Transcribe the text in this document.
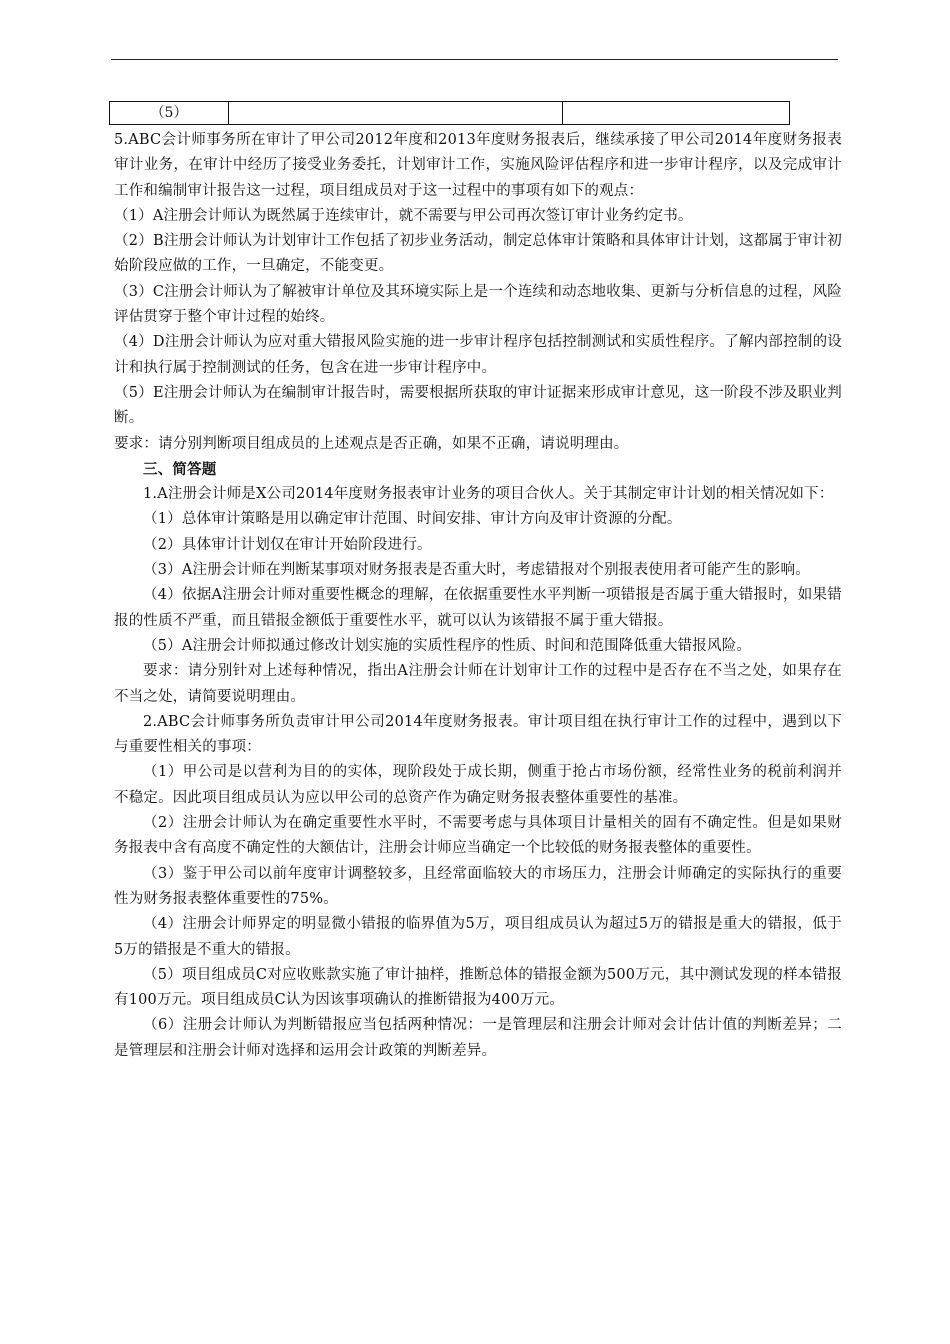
（5）		

5.ABC会计师事务所在审计了甲公司2012年度和2013年度财务报表后，继续承接了甲公司2014年度财务报表审计业务，在审计中经历了接受业务委托，计划审计工作，实施风险评估程序和进一步审计程序，以及完成审计工作和编制审计报告这一过程，项目组成员对于这一过程中的事项有如下的观点：

（1）A注册会计师认为既然属于连续审计，就不需要与甲公司再次签订审计业务约定书。

（2）B注册会计师认为计划审计工作包括了初步业务活动，制定总体审计策略和具体审计计划，这都属于审计初始阶段应做的工作，一旦确定，不能变更。

（3）C注册会计师认为了解被审计单位及其环境实际上是一个连续和动态地收集、更新与分析信息的过程，风险评估贯穿于整个审计过程的始终。

（4）D注册会计师认为应对重大错报风险实施的进一步审计程序包括控制测试和实质性程序。了解内部控制的设计和执行属于控制测试的任务，包含在进一步审计程序中。

（5）E注册会计师认为在编制审计报告时，需要根据所获取的审计证据来形成审计意见，这一阶段不涉及职业判断。

要求：请分别判断项目组成员的上述观点是否正确，如果不正确，请说明理由。

三、简答题

1.A注册会计师是X公司2014年度财务报表审计业务的项目合伙人。关于其制定审计计划的相关情况如下：

（1）总体审计策略是用以确定审计范围、时间安排、审计方向及审计资源的分配。

（2）具体审计计划仅在审计开始阶段进行。

（3）A注册会计师在判断某事项对财务报表是否重大时，考虑错报对个别报表使用者可能产生的影响。

（4）依据A注册会计师对重要性概念的理解，在依据重要性水平判断一项错报是否属于重大错报时，如果错报的性质不严重，而且错报金额低于重要性水平，就可以认为该错报不属于重大错报。

（5）A注册会计师拟通过修改计划实施的实质性程序的性质、时间和范围降低重大错报风险。

要求：请分别针对上述每种情况，指出A注册会计师在计划审计工作的过程中是否存在不当之处，如果存在不当之处，请简要说明理由。

2.ABC会计师事务所负责审计甲公司2014年度财务报表。审计项目组在执行审计工作的过程中，遇到以下与重要性相关的事项：

（1）甲公司是以营利为目的的实体，现阶段处于成长期，侧重于抢占市场份额，经常性业务的税前利润并不稳定。因此项目组成员认为应以甲公司的总资产作为确定财务报表整体重要性的基准。

（2）注册会计师认为在确定重要性水平时，不需要考虑与具体项目计量相关的固有不确定性。但是如果财务报表中含有高度不确定性的大额估计，注册会计师应当确定一个比较低的财务报表整体的重要性。

（3）鉴于甲公司以前年度审计调整较多，且经常面临较大的市场压力，注册会计师确定的实际执行的重要性为财务报表整体重要性的75%。

（4）注册会计师界定的明显微小错报的临界值为5万，项目组成员认为超过5万的错报是重大的错报，低于5万的错报是不重大的错报。

（5）项目组成员C对应收账款实施了审计抽样，推断总体的错报金额为500万元，其中测试发现的样本错报有100万元。项目组成员C认为因该事项确认的推断错报为400万元。

（6）注册会计师认为判断错报应当包括两种情况：一是管理层和注册会计师对会计估计值的判断差异；二是管理层和注册会计师对选择和运用会计政策的判断差异。
